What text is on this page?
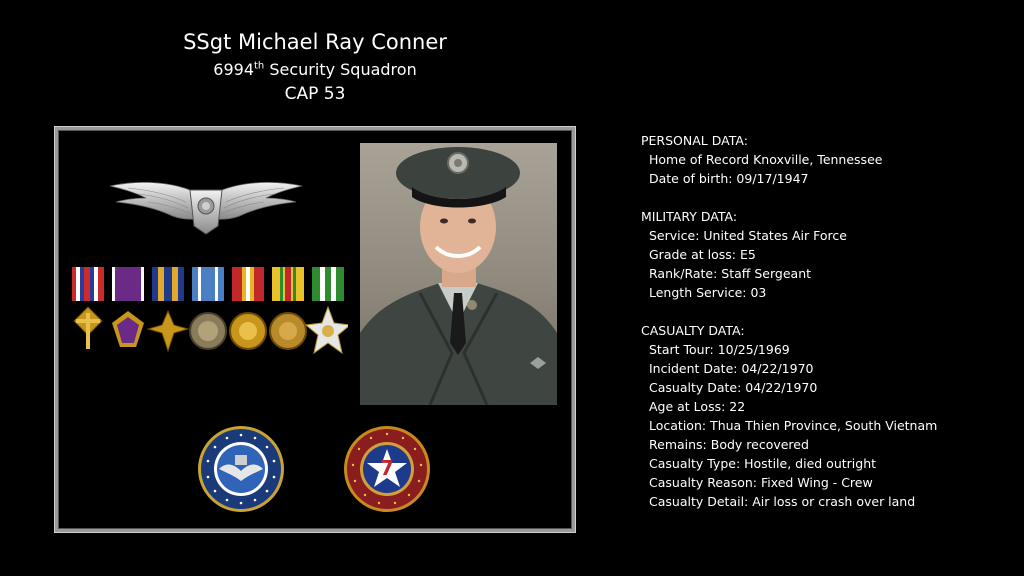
SSgt Michael Ray Conner
6994th Security Squadron
CAP 53
7
PERSONAL DATA:
Home of Record Knoxville, Tennessee
Date of birth: 09/17/1947
MILITARY DATA:
Service: United States Air Force
Grade at loss: E5
Rank/Rate: Staff Sergeant
Length Service: 03
CASUALTY DATA:
Start Tour: 10/25/1969
Incident Date: 04/22/1970
Casualty Date: 04/22/1970
Age at Loss: 22
Location: Thua Thien Province, South Vietnam
Remains: Body recovered
Casualty Type: Hostile, died outright
Casualty Reason: Fixed Wing - Crew
Casualty Detail: Air loss or crash over land
